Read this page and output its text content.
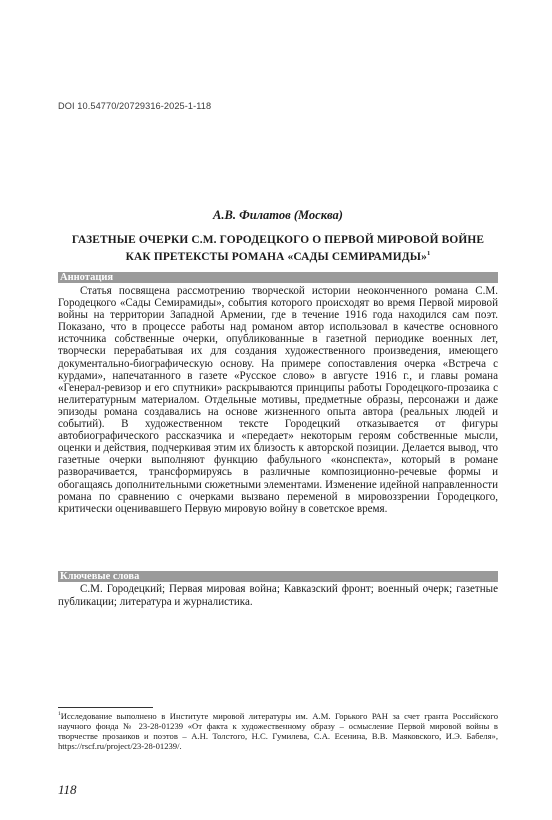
DOI 10.54770/20729316-2025-1-118
А.В. Филатов (Москва)
ГАЗЕТНЫЕ ОЧЕРКИ С.М. ГОРОДЕЦКОГО О ПЕРВОЙ МИРОВОЙ ВОЙНЕ КАК ПРЕТЕКСТЫ РОМАНА «САДЫ СЕМИРАМИДЫ»$^1$
Аннотация

Статья посвящена рассмотрению творческой истории неоконченного романа С.М. Городецкого «Сады Семирамиды», события которого происходят во время Первой мировой войны на территории Западной Армении, где в течение 1916 года находился сам поэт. Показано, что в процессе работы над романом автор использовал в качестве основного источника собственные очерки, опубликованные в газетной периодике военных лет, творчески перерабатывая их для создания художественного произведения, имеющего документально-биографическую основу. На примере сопоставления очерка «Встреча с курдами», напечатанного в газете «Русское слово» в августе 1916 г., и главы романа «Генерал-ревизор и его спутники» раскрываются принципы работы Городецкого-прозаика с нелитературным материалом. Отдельные мотивы, предметные образы, персонажи и даже эпизоды романа создавались на основе жизненного опыта автора (реальных людей и событий). В художественном тексте Городецкий отказывается от фигуры автобиографического рассказчика и «передает» некоторым героям собственные мысли, оценки и действия, подчеркивая этим их близость к авторской позиции. Делается вывод, что газетные очерки выполняют функцию фабульного «конспекта», который в романе разворачивается, трансформируясь в различные композиционно-речевые формы и обогащаясь дополнительными сюжетными элементами. Изменение идейной направленности романа по сравнению с очерками вызвано переменой в мировоззрении Городецкого, критически оценивавшего Первую мировую войну в советское время.

Ключевые слова

С.М. Городецкий; Первая мировая война; Кавказский фронт; военный очерк; газетные публикации; литература и журналистика.

$^1$Исследование выполнено в Институте мировой литературы им. А.М. Горького РАН за счет гранта Российского научного фонда № 23-28-01239 «От факта к художественному образу – осмысление Первой мировой войны в творчестве прозаиков и поэтов – А.Н. Толстого, Н.С. Гумилева, С.А. Есенина, В.В. Маяковского, И.Э. Бабеля», https://rscf.ru/project/23-28-01239/.

118
